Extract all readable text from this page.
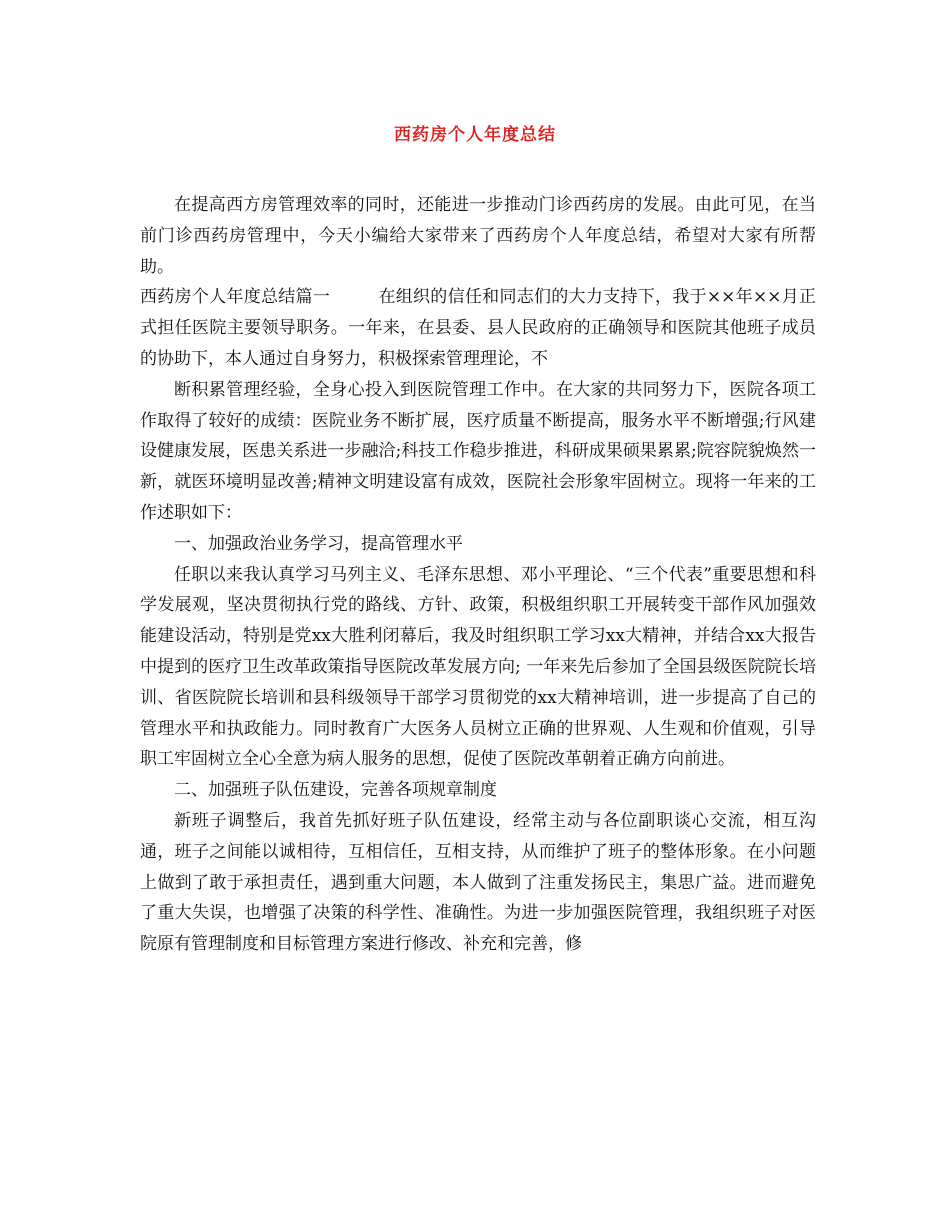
西药房个人年度总结

在提高西方房管理效率的同时，还能进一步推动门诊西药房的发展。由此可见，在当前门诊西药房管理中，今天小编给大家带来了西药房个人年度总结，希望对大家有所帮助。

西药房个人年度总结篇一	在组织的信任和同志们的大力支持下，我于××年××月正式担任医院主要领导职务。一年来，在县委、县人民政府的正确领导和医院其他班子成员的协助下，本人通过自身努力，积极探索管理理论，不

断积累管理经验，全身心投入到医院管理工作中。在大家的共同努力下，医院各项工作取得了较好的成绩：医院业务不断扩展，医疗质量不断提高，服务水平不断增强;行风建设健康发展，医患关系进一步融洽;科技工作稳步推进，科研成果硕果累累;院容院貌焕然一新，就医环境明显改善;精神文明建设富有成效，医院社会形象牢固树立。现将一年来的工作述职如下：

一、加强政治业务学习，提高管理水平

任职以来我认真学习马列主义、毛泽东思想、邓小平理论、“三个代表”重要思想和科学发展观，坚决贯彻执行党的路线、方针、政策，积极组织职工开展转变干部作风加强效能建设活动，特别是党xx大胜利闭幕后，我及时组织职工学习xx大精神，并结合xx大报告中提到的医疗卫生改革政策指导医院改革发展方向; 一年来先后参加了全国县级医院院长培训、省医院院长培训和县科级领导干部学习贯彻党的xx大精神培训，进一步提高了自己的管理水平和执政能力。同时教育广大医务人员树立正确的世界观、人生观和价值观，引导职工牢固树立全心全意为病人服务的思想，促使了医院改革朝着正确方向前进。

二、加强班子队伍建设，完善各项规章制度

新班子调整后，我首先抓好班子队伍建设，经常主动与各位副职谈心交流，相互沟通，班子之间能以诚相待，互相信任，互相支持，从而维护了班子的整体形象。在小问题上做到了敢于承担责任，遇到重大问题，本人做到了注重发扬民主，集思广益。进而避免了重大失误，也增强了决策的科学性、准确性。为进一步加强医院管理，我组织班子对医院原有管理制度和目标管理方案进行修改、补充和完善，修
